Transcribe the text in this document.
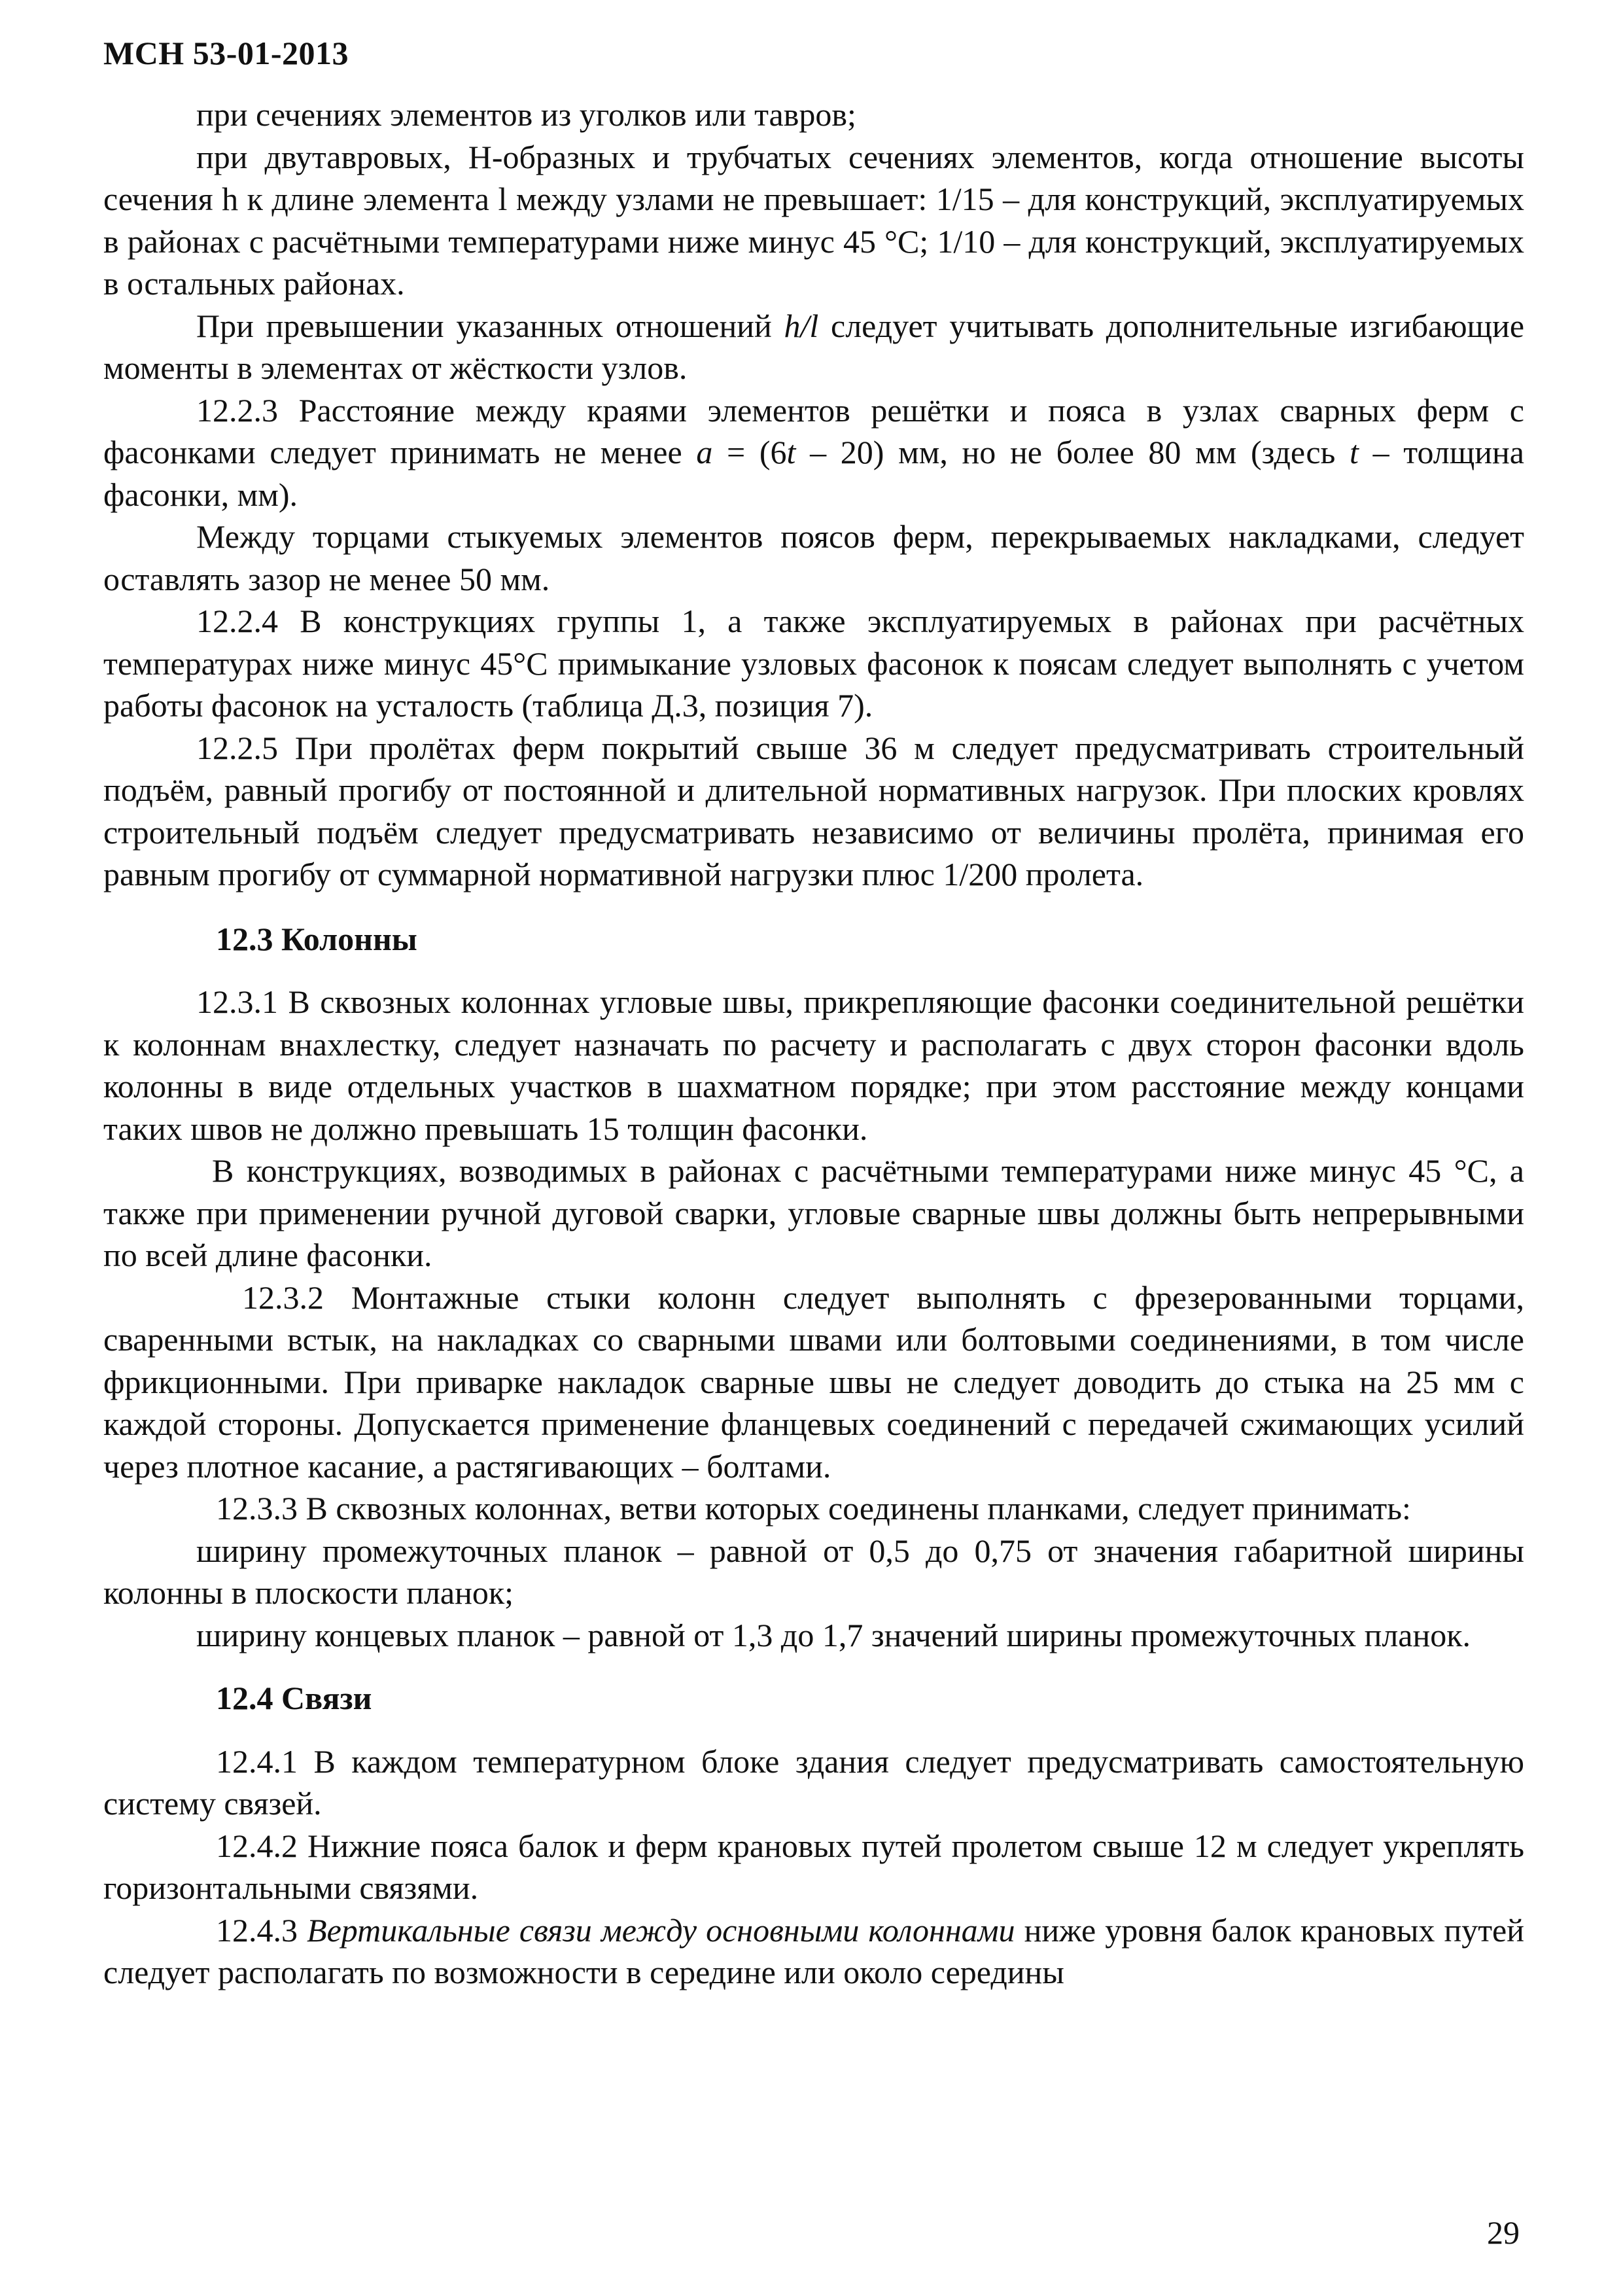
МСН 53-01-2013

при сечениях элементов из уголков или тавров;

при двутавровых, Н-образных и трубчатых сечениях элементов, когда отношение высоты сечения h к длине элемента l между узлами не превышает: 1/15 – для конструкций, эксплуатируемых в районах с расчётными температурами ниже минус 45 °С; 1/10 – для конструкций, эксплуатируемых в остальных районах.

При превышении указанных отношений h/l следует учитывать дополнительные изгибающие моменты в элементах от жёсткости узлов.

12.2.3 Расстояние между краями элементов решётки и пояса в узлах сварных ферм с фасонками следует принимать не менее a = (6t – 20) мм, но не более 80 мм (здесь t – толщина фасонки, мм).

Между торцами стыкуемых элементов поясов ферм, перекрываемых накладками, следует оставлять зазор не менее 50 мм.

12.2.4 В конструкциях группы 1, а также эксплуатируемых в районах при расчётных температурах ниже минус 45°С примыкание узловых фасонок к поясам следует выполнять с учетом работы фасонок на усталость (таблица Д.3, позиция 7).

12.2.5 При пролётах ферм покрытий свыше 36 м следует предусматривать строительный подъём, равный прогибу от постоянной и длительной нормативных нагрузок. При плоских кровлях строительный подъём следует предусматривать независимо от величины пролёта, принимая его равным прогибу от суммарной нормативной нагрузки плюс 1/200 пролета.

12.3 Колонны

12.3.1 В сквозных колоннах угловые швы, прикрепляющие фасонки соединительной решётки к колоннам внахлестку, следует назначать по расчету и располагать с двух сторон фасонки вдоль колонны в виде отдельных участков в шахматном порядке; при этом расстояние между концами таких швов не должно превышать 15 толщин фасонки.

В конструкциях, возводимых в районах с расчётными температурами ниже минус 45 °С, а также при применении ручной дуговой сварки, угловые сварные швы должны быть непрерывными по всей длине фасонки.

12.3.2 Монтажные стыки колонн следует выполнять с фрезерованными торцами, сваренными встык, на накладках со сварными швами или болтовыми соединениями, в том числе фрикционными. При приварке накладок сварные швы не следует доводить до стыка на 25 мм с каждой стороны. Допускается применение фланцевых соединений с передачей сжимающих усилий через плотное касание, а растягивающих – болтами.

12.3.3 В сквозных колоннах, ветви которых соединены планками, следует принимать:

ширину промежуточных планок – равной от 0,5 до 0,75 от значения габаритной ширины колонны в плоскости планок;

ширину концевых планок – равной от 1,3 до 1,7 значений ширины промежуточных планок.

12.4 Связи

12.4.1 В каждом температурном блоке здания следует предусматривать самостоятельную систему связей.

12.4.2 Нижние пояса балок и ферм крановых путей пролетом свыше 12 м следует укреплять горизонтальными связями.

12.4.3 Вертикальные связи между основными колоннами ниже уровня балок крановых путей следует располагать по возможности в середине или около середины

29
